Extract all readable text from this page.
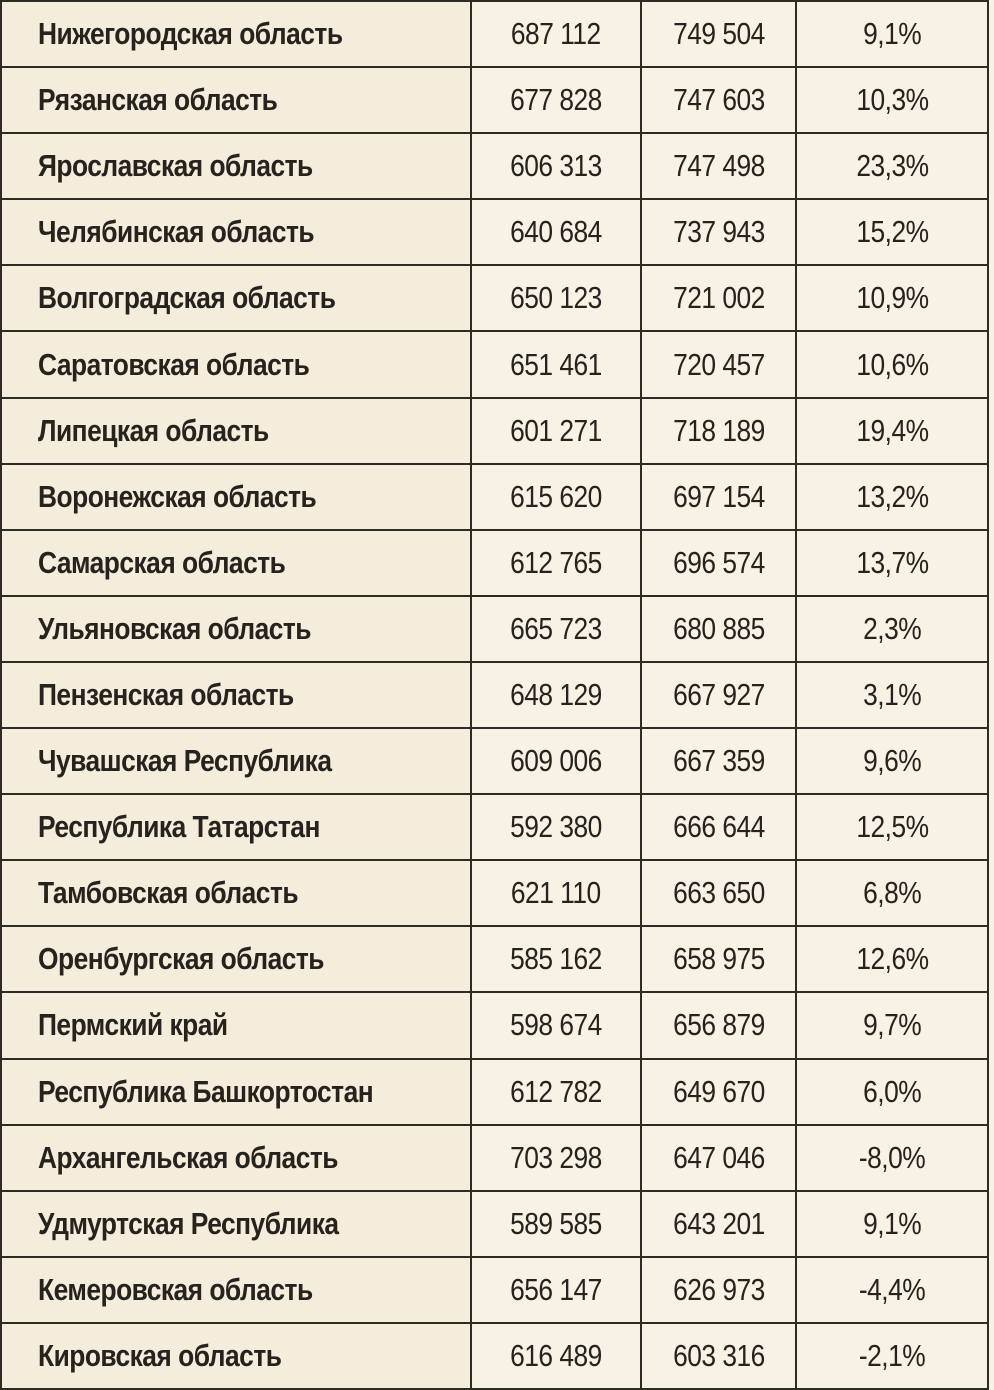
Нижегородская область	687 112	749 504	9,1%
Рязанская область	677 828	747 603	10,3%
Ярославская область	606 313	747 498	23,3%
Челябинская область	640 684	737 943	15,2%
Волгоградская область	650 123	721 002	10,9%
Саратовская область	651 461	720 457	10,6%
Липецкая область	601 271	718 189	19,4%
Воронежская область	615 620	697 154	13,2%
Самарская область	612 765	696 574	13,7%
Ульяновская область	665 723	680 885	2,3%
Пензенская область	648 129	667 927	3,1%
Чувашская Республика	609 006	667 359	9,6%
Республика Татарстан	592 380	666 644	12,5%
Тамбовская область	621 110	663 650	6,8%
Оренбургская область	585 162	658 975	12,6%
Пермский край	598 674	656 879	9,7%
Республика Башкортостан	612 782	649 670	6,0%
Архангельская область	703 298	647 046	-8,0%
Удмуртская Республика	589 585	643 201	9,1%
Кемеровская область	656 147	626 973	-4,4%
Кировская область	616 489	603 316	-2,1%
